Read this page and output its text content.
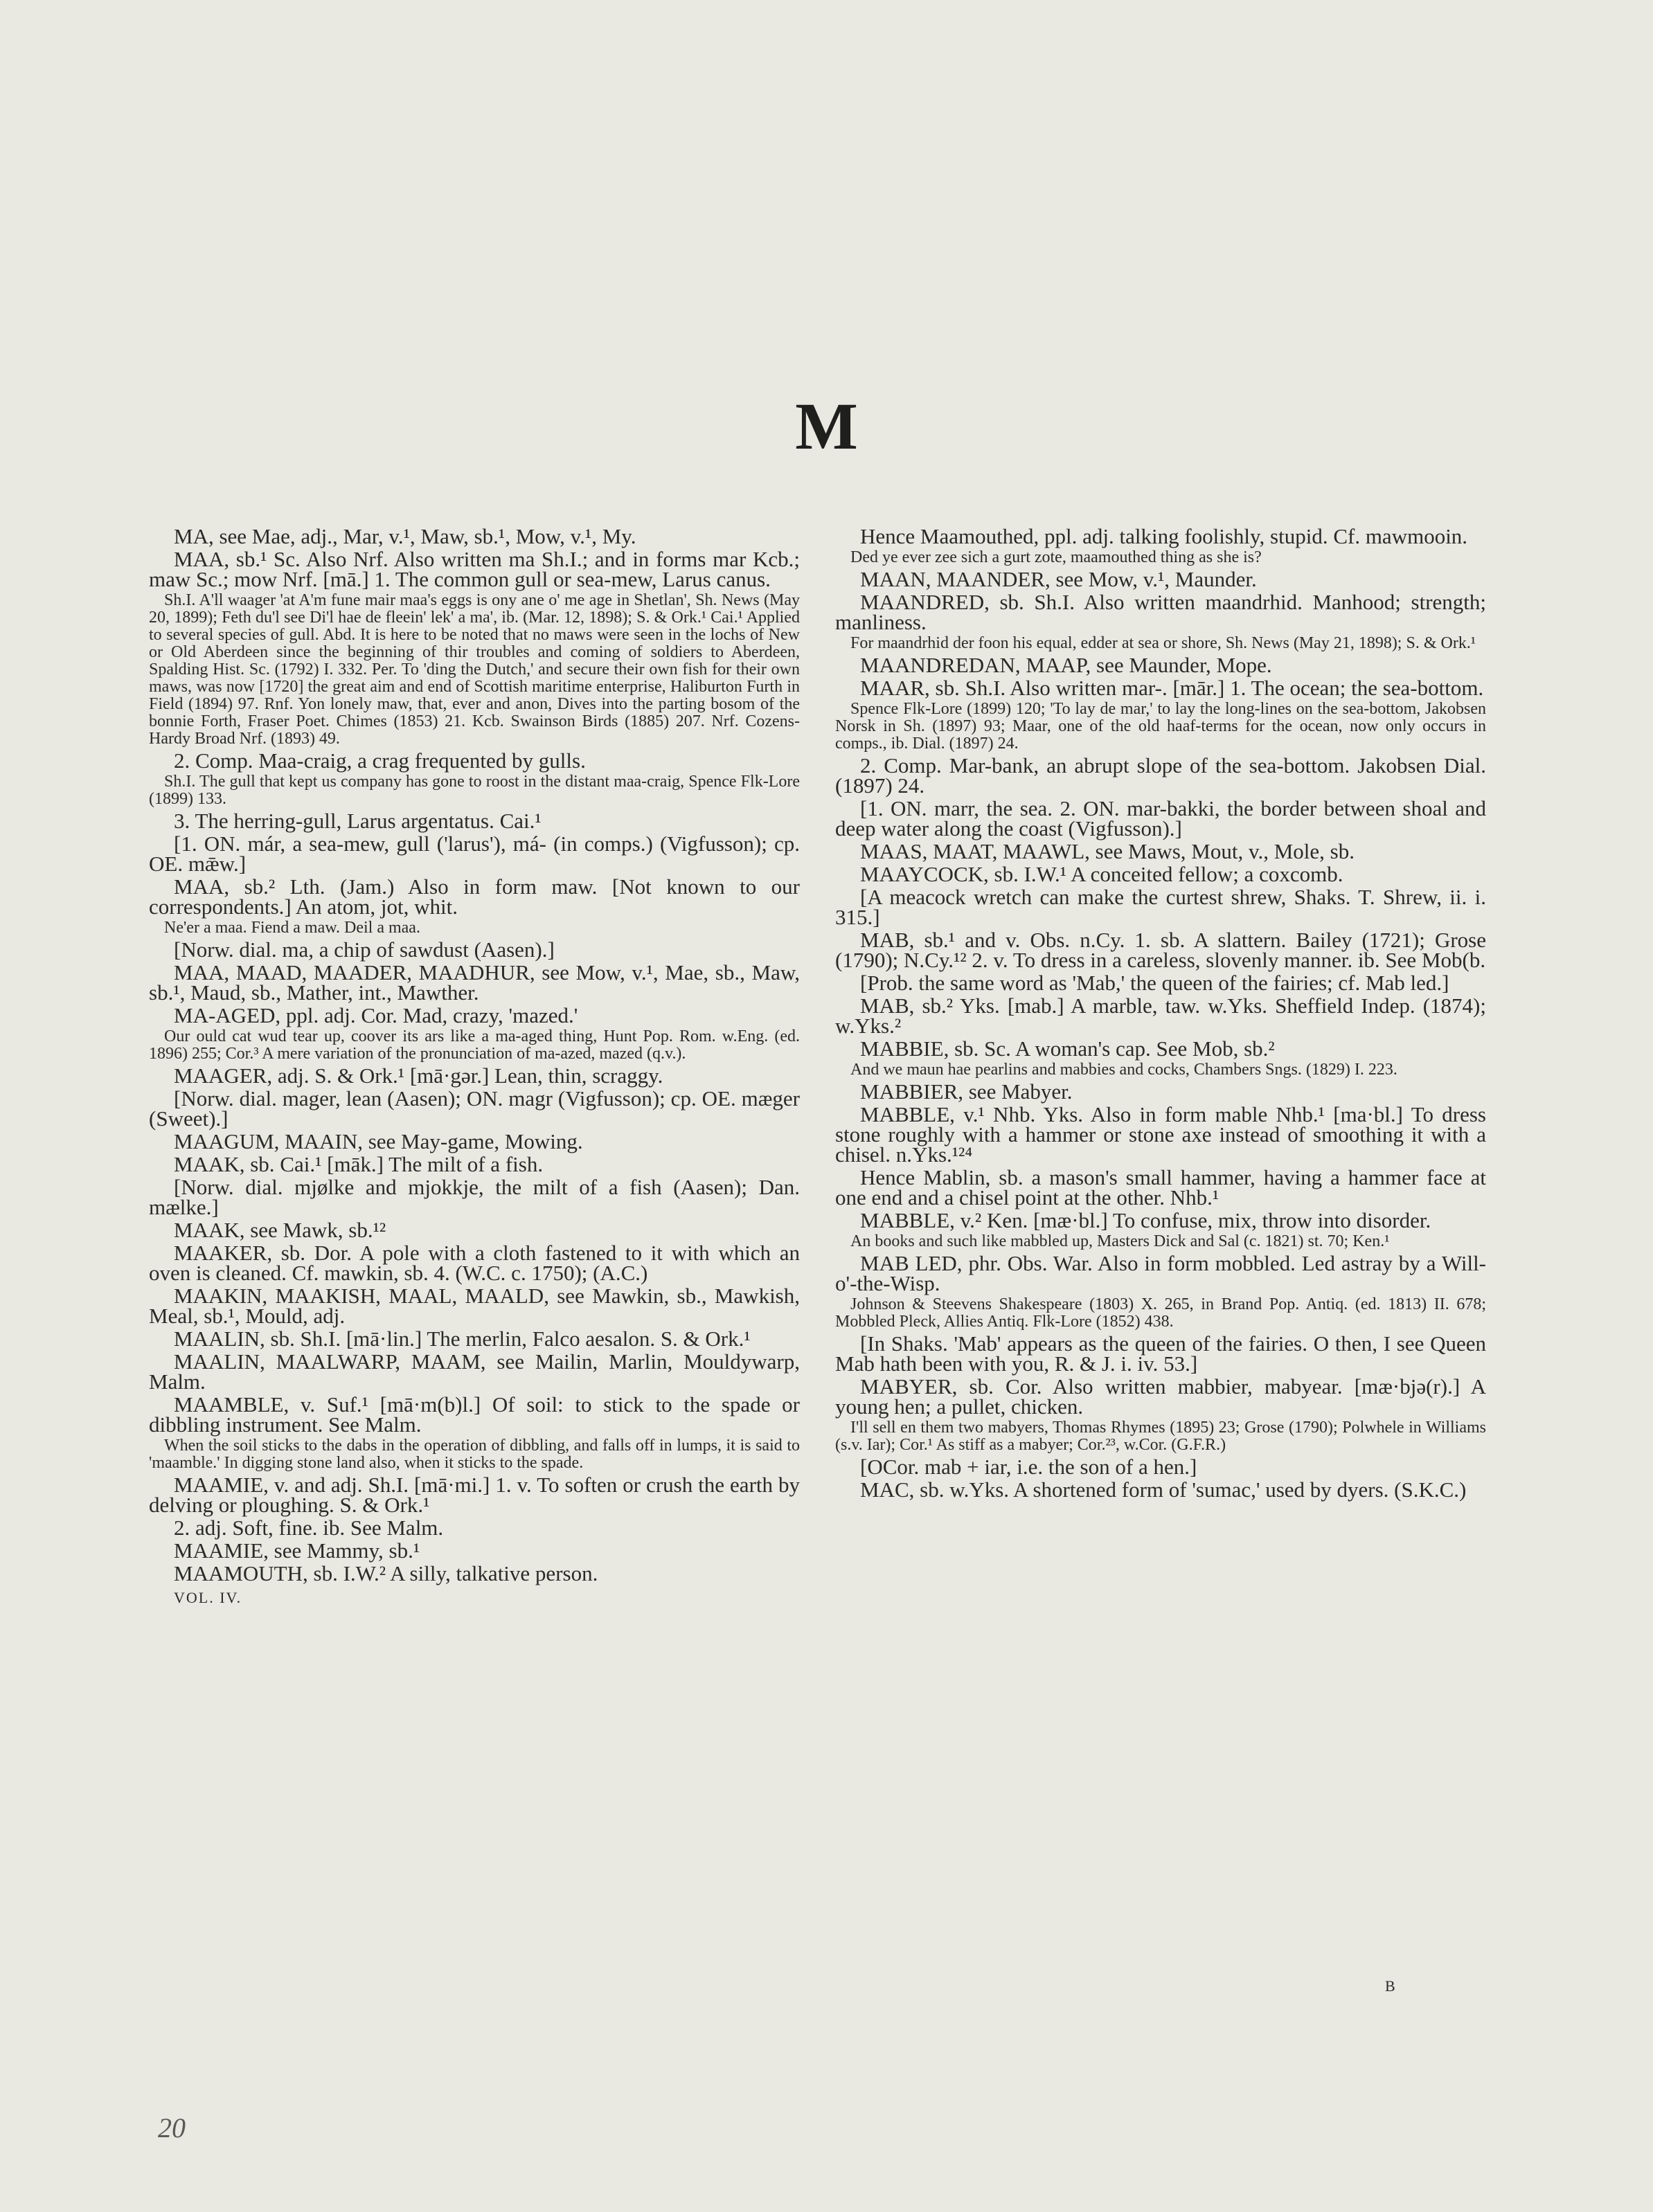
M

MA, see Mae, adj., Mar, v.¹, Maw, sb.¹, Mow, v.¹, My.

MAA, sb.¹ Sc. Also Nrf. Also written ma Sh.I.; and in forms mar Kcb.; maw Sc.; mow Nrf. [mā.] 1. The common gull or sea-mew, Larus canus.

Sh.I. A'll waager 'at A'm fune mair maa's eggs is ony ane o' me age in Shetlan', Sh. News (May 20, 1899); Feth du'l see Di'l hae de fleein' lek' a ma', ib. (Mar. 12, 1898); S. & Ork.¹ Cai.¹ Applied to several species of gull. Abd. It is here to be noted that no maws were seen in the lochs of New or Old Aberdeen since the beginning of thir troubles and coming of soldiers to Aberdeen, Spalding Hist. Sc. (1792) I. 332. Per. To 'ding the Dutch,' and secure their own fish for their own maws, was now [1720] the great aim and end of Scottish maritime enterprise, Haliburton Furth in Field (1894) 97. Rnf. Yon lonely maw, that, ever and anon, Dives into the parting bosom of the bonnie Forth, Fraser Poet. Chimes (1853) 21. Kcb. Swainson Birds (1885) 207. Nrf. Cozens-Hardy Broad Nrf. (1893) 49.

2. Comp. Maa-craig, a crag frequented by gulls.

Sh.I. The gull that kept us company has gone to roost in the distant maa-craig, Spence Flk-Lore (1899) 133.

3. The herring-gull, Larus argentatus. Cai.¹

[1. ON. már, a sea-mew, gull ('larus'), má- (in comps.) (Vigfusson); cp. OE. mǣw.]

MAA, sb.² Lth. (Jam.) Also in form maw. [Not known to our correspondents.] An atom, jot, whit.

Ne'er a maa. Fiend a maw. Deil a maa.

[Norw. dial. ma, a chip of sawdust (Aasen).]

MAA, MAAD, MAADER, MAADHUR, see Mow, v.¹, Mae, sb., Maw, sb.¹, Maud, sb., Mather, int., Mawther.

MA-AGED, ppl. adj. Cor. Mad, crazy, 'mazed.'

Our ould cat wud tear up, coover its ars like a ma-aged thing, Hunt Pop. Rom. w.Eng. (ed. 1896) 255; Cor.³ A mere variation of the pronunciation of ma-azed, mazed (q.v.).

MAAGER, adj. S. & Ork.¹ [mā·gər.] Lean, thin, scraggy.

[Norw. dial. mager, lean (Aasen); ON. magr (Vigfusson); cp. OE. mæger (Sweet).]

MAAGUM, MAAIN, see May-game, Mowing.

MAAK, sb. Cai.¹ [māk.] The milt of a fish.

[Norw. dial. mjølke and mjokkje, the milt of a fish (Aasen); Dan. mælke.]

MAAK, see Mawk, sb.¹²

MAAKER, sb. Dor. A pole with a cloth fastened to it with which an oven is cleaned. Cf. mawkin, sb. 4. (W.C. c. 1750); (A.C.)

MAAKIN, MAAKISH, MAAL, MAALD, see Mawkin, sb., Mawkish, Meal, sb.¹, Mould, adj.

MAALIN, sb. Sh.I. [mā·lin.] The merlin, Falco aesalon. S. & Ork.¹

MAALIN, MAALWARP, MAAM, see Mailin, Marlin, Mouldywarp, Malm.

MAAMBLE, v. Suf.¹ [mā·m(b)l.] Of soil: to stick to the spade or dibbling instrument. See Malm.

When the soil sticks to the dabs in the operation of dibbling, and falls off in lumps, it is said to 'maamble.' In digging stone land also, when it sticks to the spade.

MAAMIE, v. and adj. Sh.I. [mā·mi.] 1. v. To soften or crush the earth by delving or ploughing. S. & Ork.¹

2. adj. Soft, fine. ib. See Malm.

MAAMIE, see Mammy, sb.¹

MAAMOUTH, sb. I.W.² A silly, talkative person.

VOL. IV.

Hence Maamouthed, ppl. adj. talking foolishly, stupid. Cf. mawmooin.

Ded ye ever zee sich a gurt zote, maamouthed thing as she is?

MAAN, MAANDER, see Mow, v.¹, Maunder.

MAANDRED, sb. Sh.I. Also written maandrhid. Manhood; strength; manliness.

For maandrhid der foon his equal, edder at sea or shore, Sh. News (May 21, 1898); S. & Ork.¹

MAANDREDAN, MAAP, see Maunder, Mope.

MAAR, sb. Sh.I. Also written mar-. [mār.] 1. The ocean; the sea-bottom.

Spence Flk-Lore (1899) 120; 'To lay de mar,' to lay the long-lines on the sea-bottom, Jakobsen Norsk in Sh. (1897) 93; Maar, one of the old haaf-terms for the ocean, now only occurs in comps., ib. Dial. (1897) 24.

2. Comp. Mar-bank, an abrupt slope of the sea-bottom. Jakobsen Dial. (1897) 24.

[1. ON. marr, the sea. 2. ON. mar-bakki, the border between shoal and deep water along the coast (Vigfusson).]

MAAS, MAAT, MAAWL, see Maws, Mout, v., Mole, sb.

MAAYCOCK, sb. I.W.¹ A conceited fellow; a coxcomb.

[A meacock wretch can make the curtest shrew, Shaks. T. Shrew, ii. i. 315.]

MAB, sb.¹ and v. Obs. n.Cy. 1. sb. A slattern. Bailey (1721); Grose (1790); N.Cy.¹² 2. v. To dress in a careless, slovenly manner. ib. See Mob(b.

[Prob. the same word as 'Mab,' the queen of the fairies; cf. Mab led.]

MAB, sb.² Yks. [mab.] A marble, taw. w.Yks. Sheffield Indep. (1874); w.Yks.²

MABBIE, sb. Sc. A woman's cap. See Mob, sb.²

And we maun hae pearlins and mabbies and cocks, Chambers Sngs. (1829) I. 223.

MABBIER, see Mabyer.

MABBLE, v.¹ Nhb. Yks. Also in form mable Nhb.¹ [ma·bl.] To dress stone roughly with a hammer or stone axe instead of smoothing it with a chisel. n.Yks.¹²⁴

Hence Mablin, sb. a mason's small hammer, having a hammer face at one end and a chisel point at the other. Nhb.¹

MABBLE, v.² Ken. [mæ·bl.] To confuse, mix, throw into disorder.

An books and such like mabbled up, Masters Dick and Sal (c. 1821) st. 70; Ken.¹

MAB LED, phr. Obs. War. Also in form mobbled. Led astray by a Will-o'-the-Wisp.

Johnson & Steevens Shakespeare (1803) X. 265, in Brand Pop. Antiq. (ed. 1813) II. 678; Mobbled Pleck, Allies Antiq. Flk-Lore (1852) 438.

[In Shaks. 'Mab' appears as the queen of the fairies. O then, I see Queen Mab hath been with you, R. & J. i. iv. 53.]

MABYER, sb. Cor. Also written mabbier, mabyear. [mæ·bjə(r).] A young hen; a pullet, chicken.

I'll sell en them two mabyers, Thomas Rhymes (1895) 23; Grose (1790); Polwhele in Williams (s.v. Iar); Cor.¹ As stiff as a mabyer; Cor.²³, w.Cor. (G.F.R.)

[OCor. mab + iar, i.e. the son of a hen.]

MAC, sb. w.Yks. A shortened form of 'sumac,' used by dyers. (S.K.C.)

B
20
